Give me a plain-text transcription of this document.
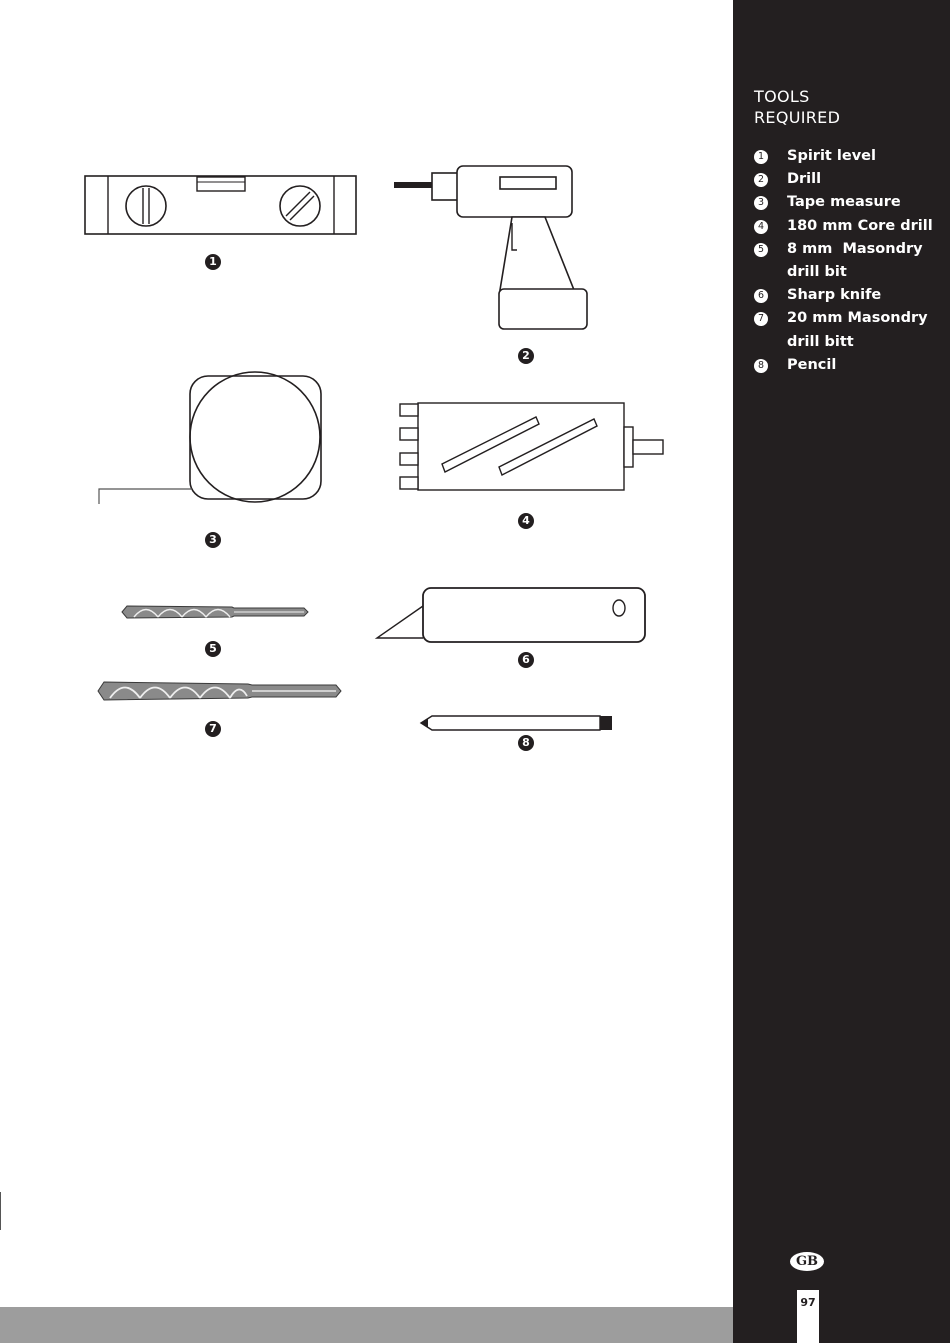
1
2
3
4
5
6
7
8
TOOLS
REQUIRED
1 Spirit level
2 Drill
3 Tape measure
4 180 mm Core drill
5 8 mm  Masondry drill bit
6 Sharp knife
7 20 mm Masondry drill bitt
8 Pencil
GB
97
